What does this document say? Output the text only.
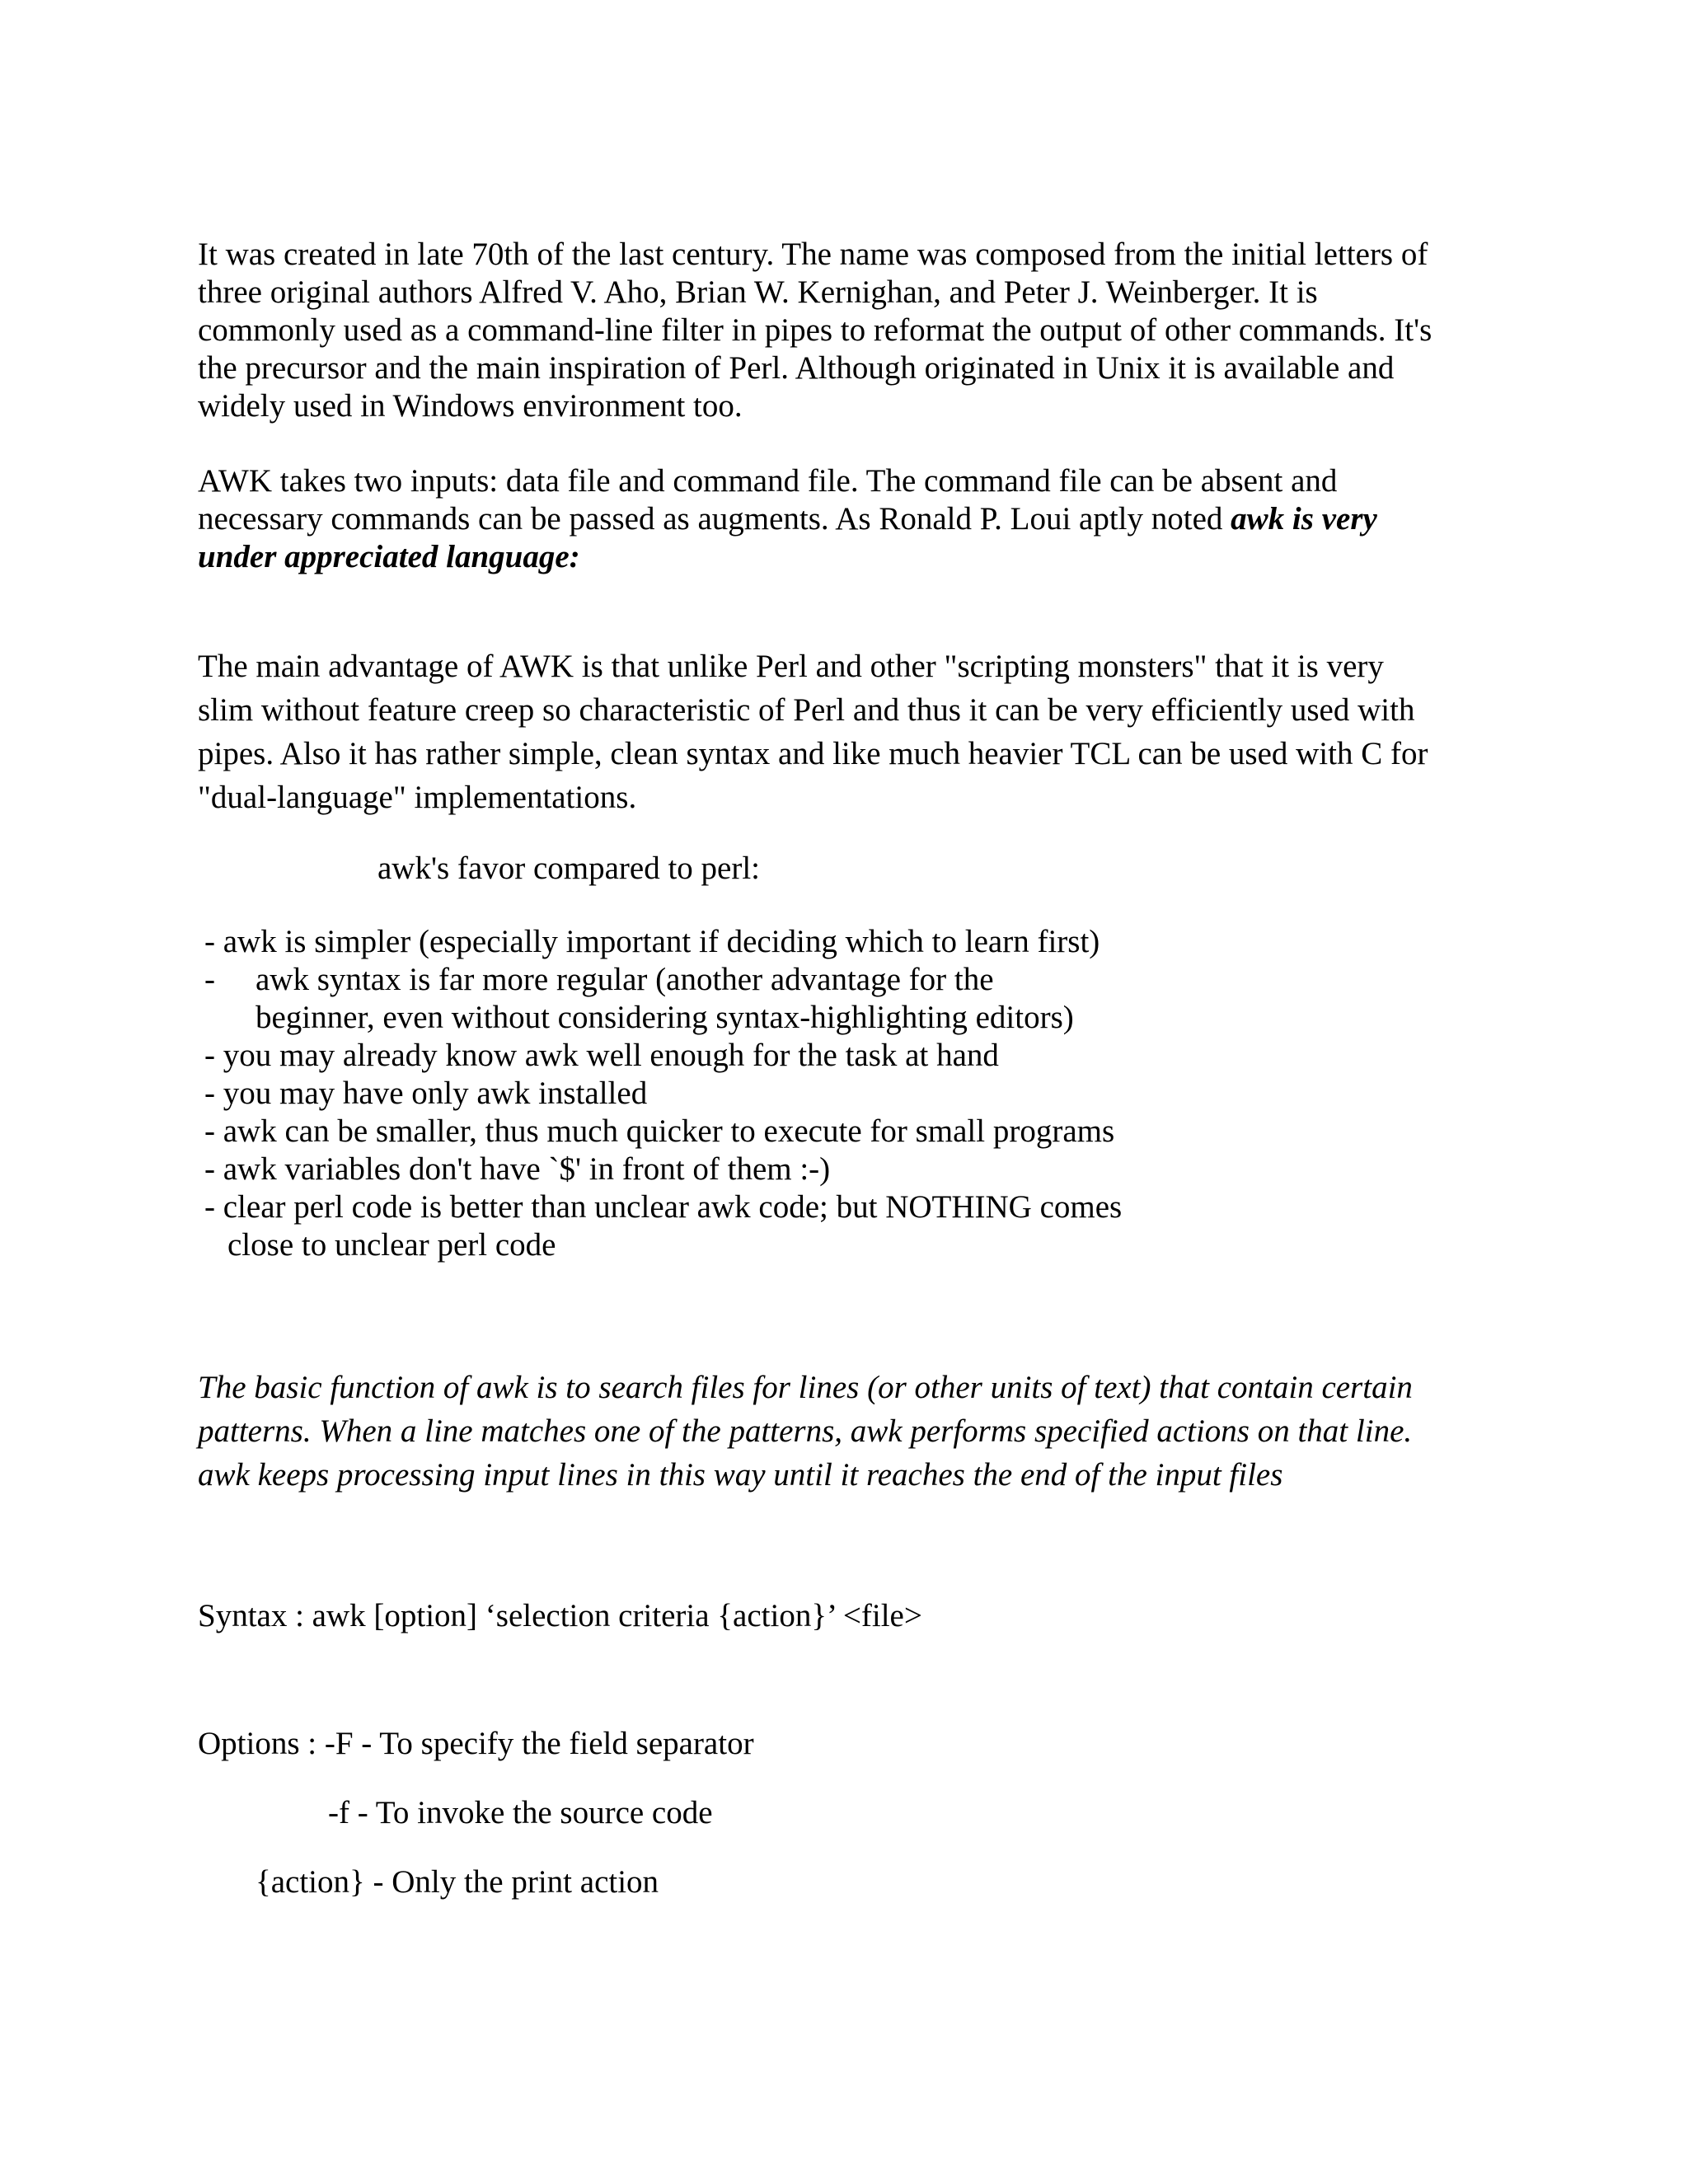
It was created in late 70th of the last century. The name was composed from the initial letters of
three original authors Alfred V. Aho, Brian W. Kernighan, and Peter J. Weinberger. It is
commonly used as a command-line filter in pipes to reformat the output of other commands. It's
the precursor and the main inspiration of Perl. Although originated in Unix it is available and
widely used in Windows environment too.
AWK takes two inputs: data file and command file. The command file can be absent and
necessary commands can be passed as augments. As Ronald P. Loui aptly noted awk is very
under appreciated language:
The main advantage of AWK is that unlike Perl and other "scripting monsters" that it is very
slim without feature creep so characteristic of Perl and thus it can be very efficiently used with
pipes. Also it has rather simple, clean syntax and like much heavier TCL can be used with C for
"dual-language" implementations.
awk's favor compared to perl:
- awk is simpler (especially important if deciding which to learn first)
- awk syntax is far more regular (another advantage for the
beginner, even without considering syntax-highlighting editors)
- you may already know awk well enough for the task at hand
- you may have only awk installed
- awk can be smaller, thus much quicker to execute for small programs
- awk variables don't have `$' in front of them :-)
- clear perl code is better than unclear awk code; but NOTHING comes
close to unclear perl code
The basic function of awk is to search files for lines (or other units of text) that contain certain
patterns. When a line matches one of the patterns, awk performs specified actions on that line.
awk keeps processing input lines in this way until it reaches the end of the input files
Syntax : awk [option] ‘selection criteria {action}’ <file>
Options : -F - To specify the field separator
-f - To invoke the source code
{action} - Only the print action
